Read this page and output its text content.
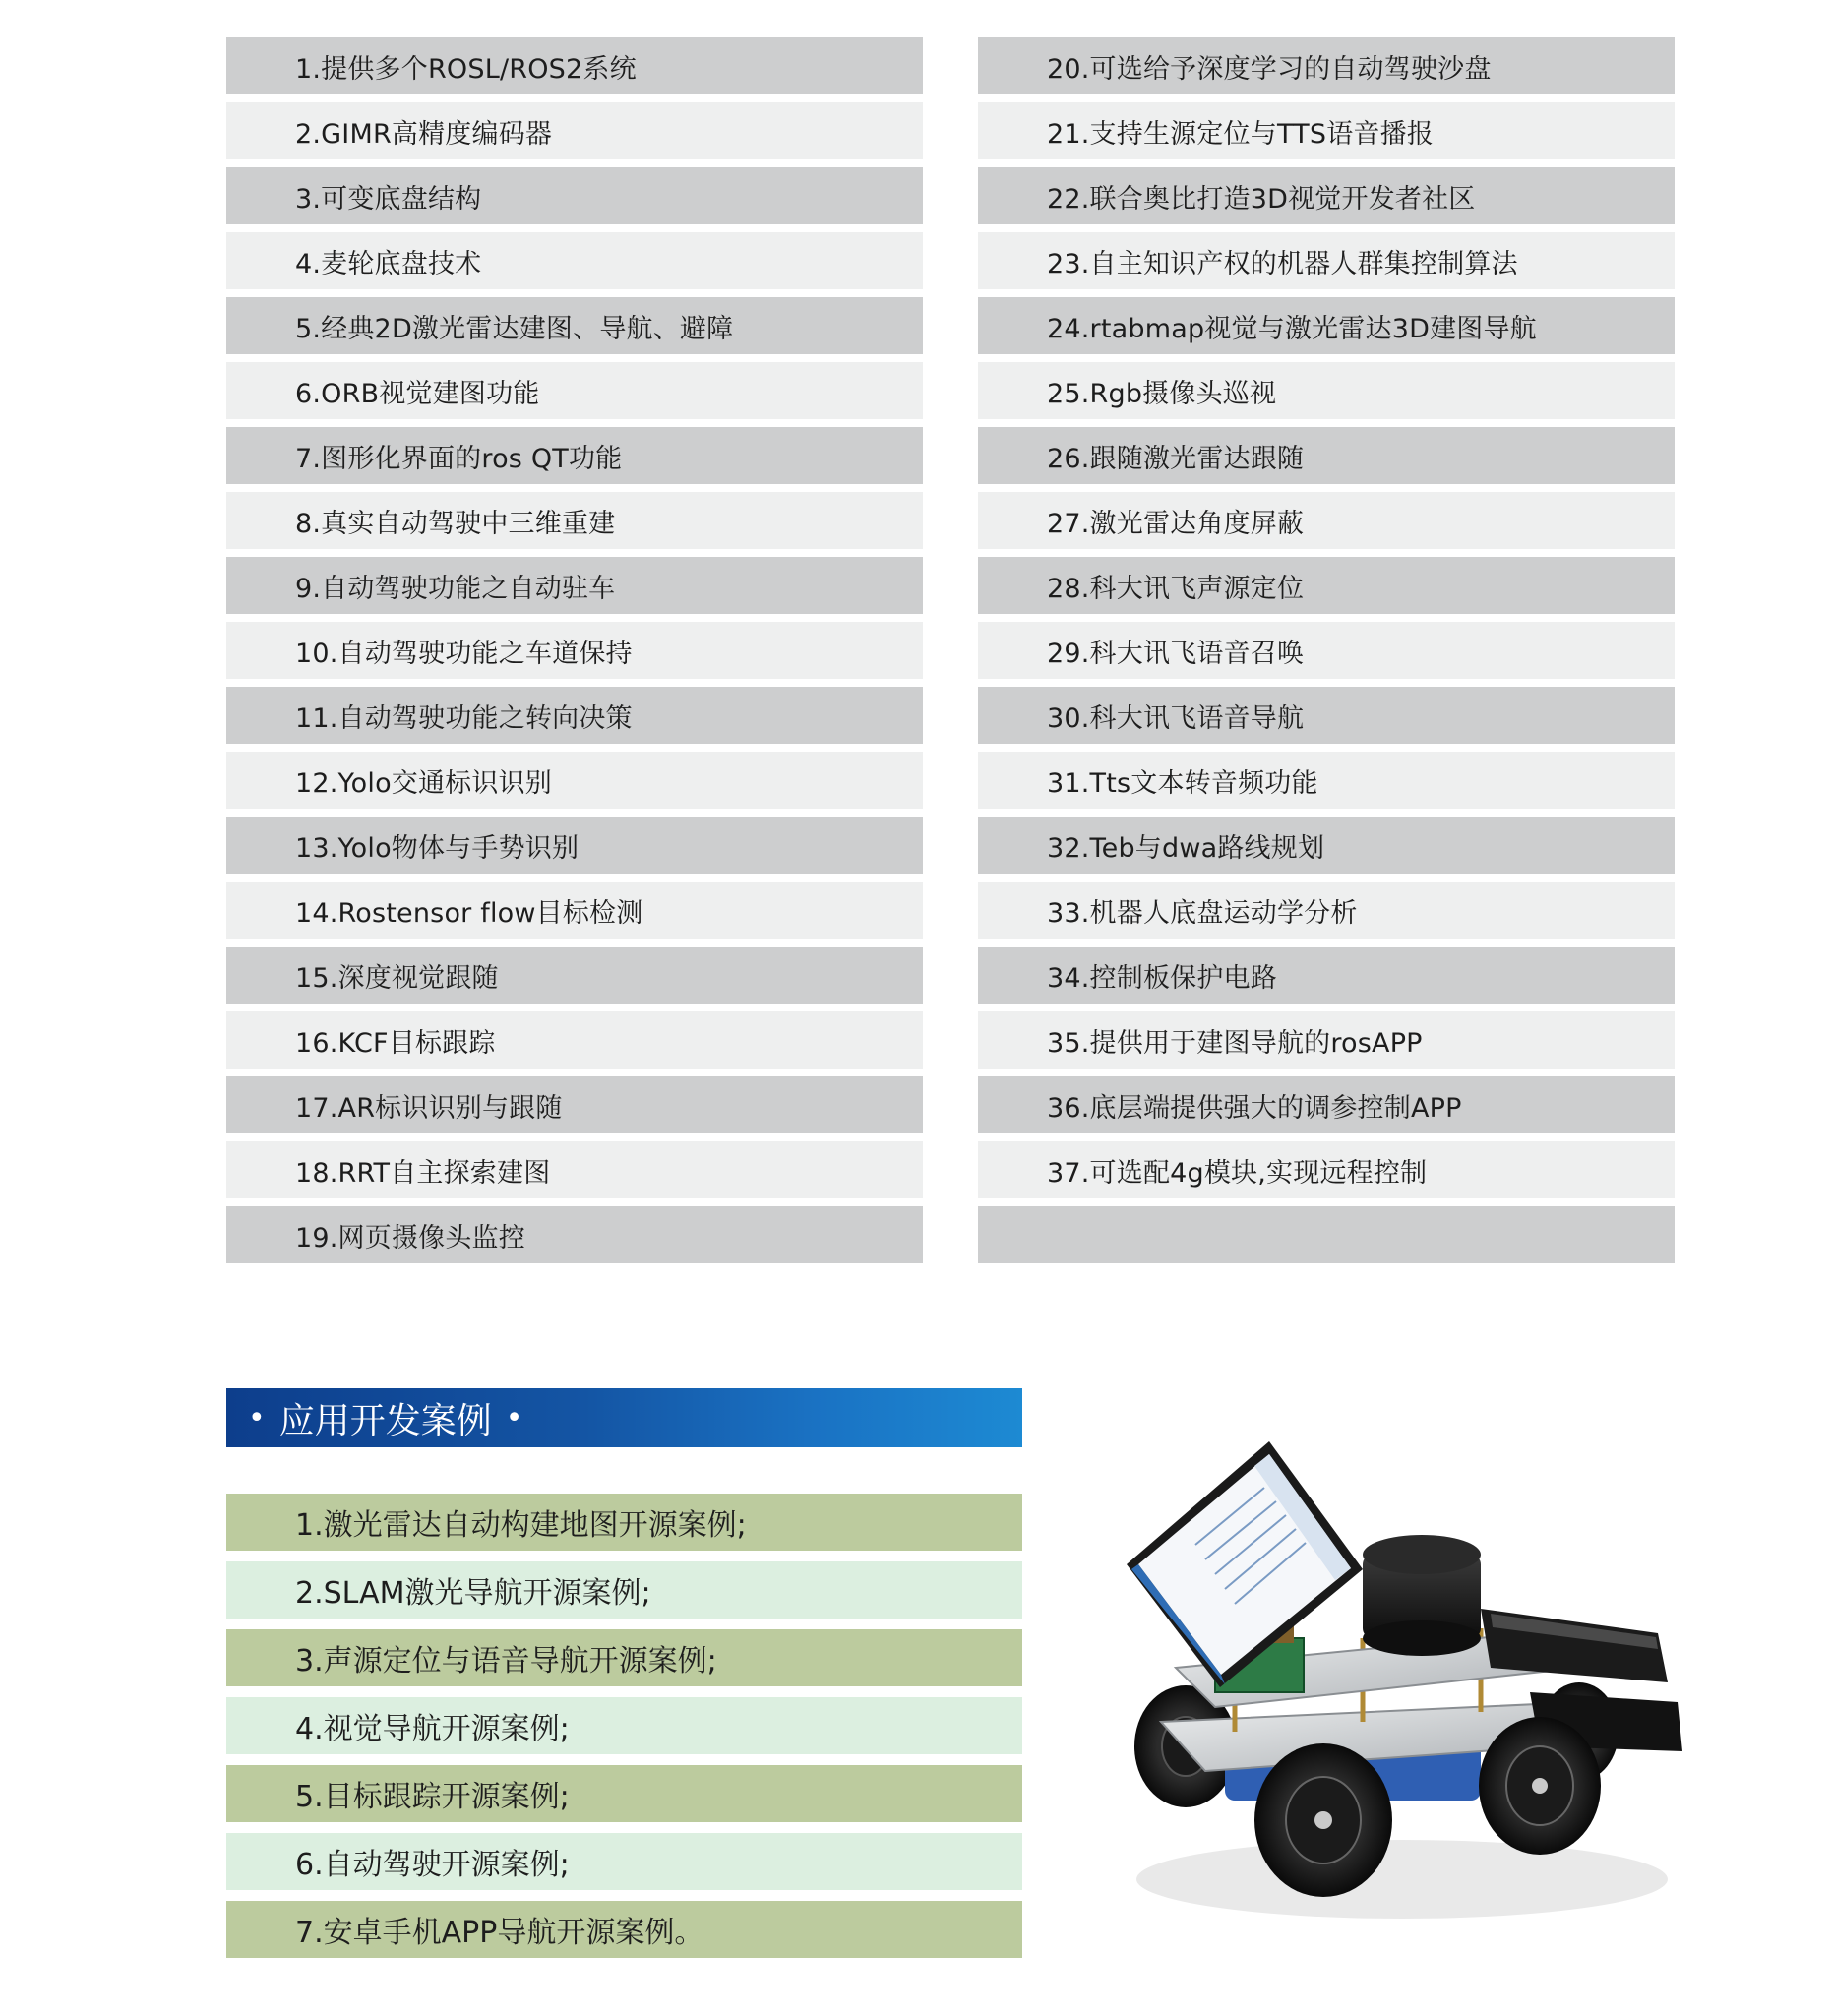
1.提供多个ROSL/ROS2系统
2.GIMR高精度编码器
3.可变底盘结构
4.麦轮底盘技术
5.经典2D激光雷达建图、导航、避障
6.ORB视觉建图功能
7.图形化界面的ros QT功能
8.真实自动驾驶中三维重建
9.自动驾驶功能之自动驻车
10.自动驾驶功能之车道保持
11.自动驾驶功能之转向决策
12.Yolo交通标识识别
13.Yolo物体与手势识别
14.Rostensor flow目标检测
15.深度视觉跟随
16.KCF目标跟踪
17.AR标识识别与跟随
18.RRT自主探索建图
19.网页摄像头监控
20.可选给予深度学习的自动驾驶沙盘
21.支持生源定位与TTS语音播报
22.联合奥比打造3D视觉开发者社区
23.自主知识产权的机器人群集控制算法
24.rtabmap视觉与激光雷达3D建图导航
25.Rgb摄像头巡视
26.跟随激光雷达跟随
27.激光雷达角度屏蔽
28.科大讯飞声源定位
29.科大讯飞语音召唤
30.科大讯飞语音导航
31.Tts文本转音频功能
32.Teb与dwa路线规划
33.机器人底盘运动学分析
34.控制板保护电路
35.提供用于建图导航的rosAPP
36.底层端提供强大的调参控制APP
37.可选配4g模块,实现远程控制
• 应用开发案例 •
1.激光雷达自动构建地图开源案例;
2.SLAM激光导航开源案例;
3.声源定位与语音导航开源案例;
4.视觉导航开源案例;
5.目标跟踪开源案例;
6.自动驾驶开源案例;
7.安卓手机APP导航开源案例。
